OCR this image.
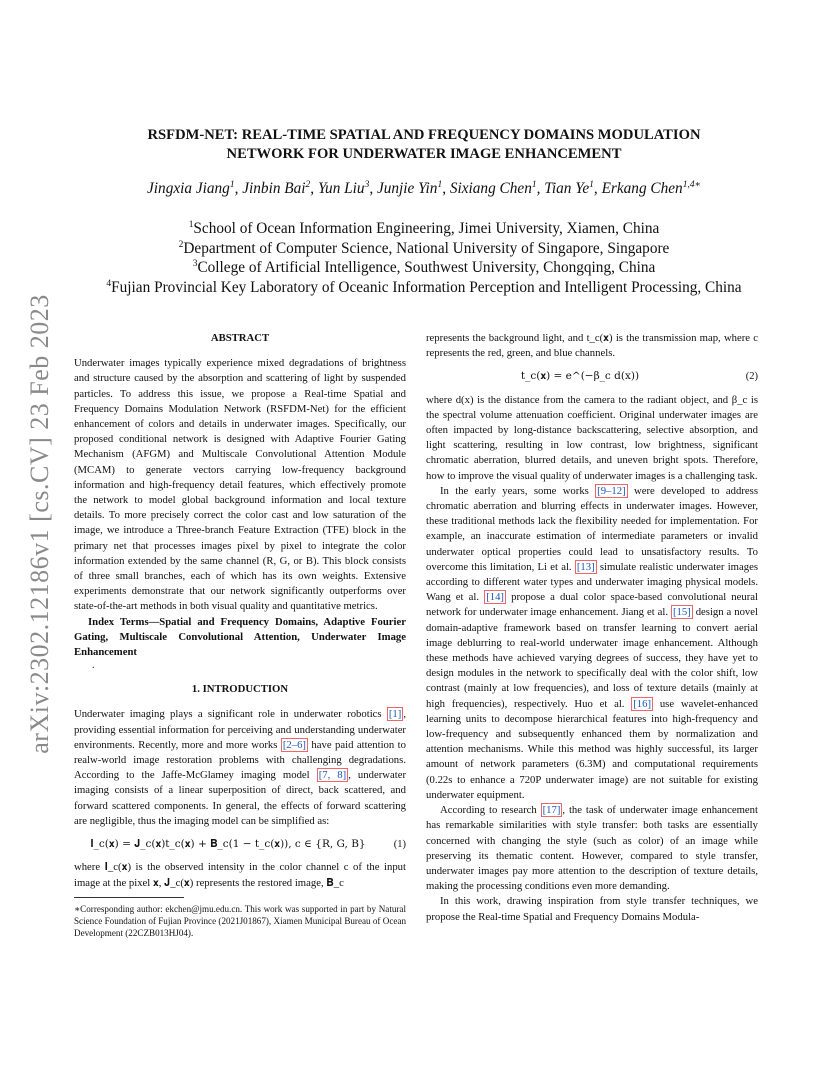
arXiv:2302.12186v1 [cs.CV] 23 Feb 2023
RSFDM-NET: REAL-TIME SPATIAL AND FREQUENCY DOMAINS MODULATION
NETWORK FOR UNDERWATER IMAGE ENHANCEMENT
Jingxia Jiang$^1$, Jinbin Bai$^2$, Yun Liu$^3$, Junjie Yin$^1$, Sixiang Chen$^1$, Tian Ye$^1$, Erkang Chen$^{1,4∗}$
$^1$School of Ocean Information Engineering, Jimei University, Xiamen, China
$^2$Department of Computer Science, National University of Singapore, Singapore
$^3$College of Artificial Intelligence, Southwest University, Chongqing, China
$^4$Fujian Provincial Key Laboratory of Oceanic Information Perception and Intelligent Processing, China
ABSTRACT

Underwater images typically experience mixed degradations of brightness and structure caused by the absorption and scattering of light by suspended particles. To address this issue, we propose a Real-time Spatial and Frequency Domains Modulation Network (RSFDM-Net) for the efficient enhancement of colors and details in underwater images. Specifically, our proposed conditional network is designed with Adaptive Fourier Gating Mechanism (AFGM) and Multiscale Convolutional Attention Module (MCAM) to generate vectors carrying low-frequency background information and high-frequency detail features, which effectively promote the network to model global background information and local texture details. To more precisely correct the color cast and low saturation of the image, we introduce a Three-branch Feature Extraction (TFE) block in the primary net that processes images pixel by pixel to integrate the color information extended by the same channel (R, G, or B). This block consists of three small branches, each of which has its own weights. Extensive experiments demonstrate that our network significantly outperforms over state-of-the-art methods in both visual quality and quantitative metrics.

Index Terms—Spatial and Frequency Domains, Adaptive Fourier Gating, Multiscale Convolutional Attention, Underwater Image Enhancement

.
1. INTRODUCTION

Underwater imaging plays a significant role in underwater robotics [1] , providing essential information for perceiving and understanding underwater environments. Recently, more and more works [2–6] have paid attention to realw-world image restoration problems with challenging degradations. According to the Jaffe-McGlamey imaging model [7, 8] , underwater imaging consists of a linear superposition of direct, back scattered, and forward scattered components. In general, the effects of forward scattering are negligible, thus the imaging model can be simplified as:

𝐈_c(𝐱) = 𝐉_c(𝐱)t_c(𝐱) + 𝐁_c(1 − t_c(𝐱)), c ∈ {R, G, B}	(1)

where 𝐈_c(𝐱) is the observed intensity in the color channel c of the input image at the pixel 𝐱, 𝐉_c(𝐱) represents the restored image, 𝐁_c

∗Corresponding author: ekchen@jmu.edu.cn. This work was supported in part by Natural Science Foundation of Fujian Province (2021J01867), Xiamen Municipal Bureau of Ocean Development (22CZB013HJ04).

represents the background light, and t_c(𝐱) is the transmission map, where c represents the red, green, and blue channels.

t_c(𝐱) = e^(−β_c d(x))	(2)

where d(x) is the distance from the camera to the radiant object, and β_c is the spectral volume attenuation coefficient. Original underwater images are often impacted by long-distance backscattering, selective absorption, and light scattering, resulting in low contrast, low brightness, significant chromatic aberration, blurred details, and uneven bright spots. Therefore, how to improve the visual quality of underwater images is a challenging task.

In the early years, some works [9–12] were developed to address chromatic aberration and blurring effects in underwater images. However, these traditional methods lack the flexibility needed for implementation. For example, an inaccurate estimation of intermediate parameters or invalid underwater optical properties could lead to unsatisfactory results. To overcome this limitation, Li et al. [13] simulate realistic underwater images according to different water types and underwater imaging physical models. Wang et al. [14] propose a dual color space-based convolutional neural network for underwater image enhancement. Jiang et al. [15] design a novel domain-adaptive framework based on transfer learning to convert aerial image deblurring to real-world underwater image enhancement. Although these methods have achieved varying degrees of success, they have yet to design modules in the network to specifically deal with the color shift, low contrast (mainly at low frequencies), and loss of texture details (mainly at high frequencies), respectively. Huo et al. [16] use wavelet-enhanced learning units to decompose hierarchical features into high-frequency and low-frequency and subsequently enhanced them by normalization and attention mechanisms. While this method was highly successful, its larger amount of network parameters (6.3M) and computational requirements (0.22s to enhance a 720P underwater image) are not suitable for existing underwater equipment.

According to research [17] , the task of underwater image enhancement has remarkable similarities with style transfer: both tasks are essentially concerned with changing the style (such as color) of an image while preserving its thematic content. However, compared to style transfer, underwater images pay more attention to the description of texture details, making the processing conditions even more demanding.

In this work, drawing inspiration from style transfer techniques, we propose the Real-time Spatial and Frequency Domains Modula-
